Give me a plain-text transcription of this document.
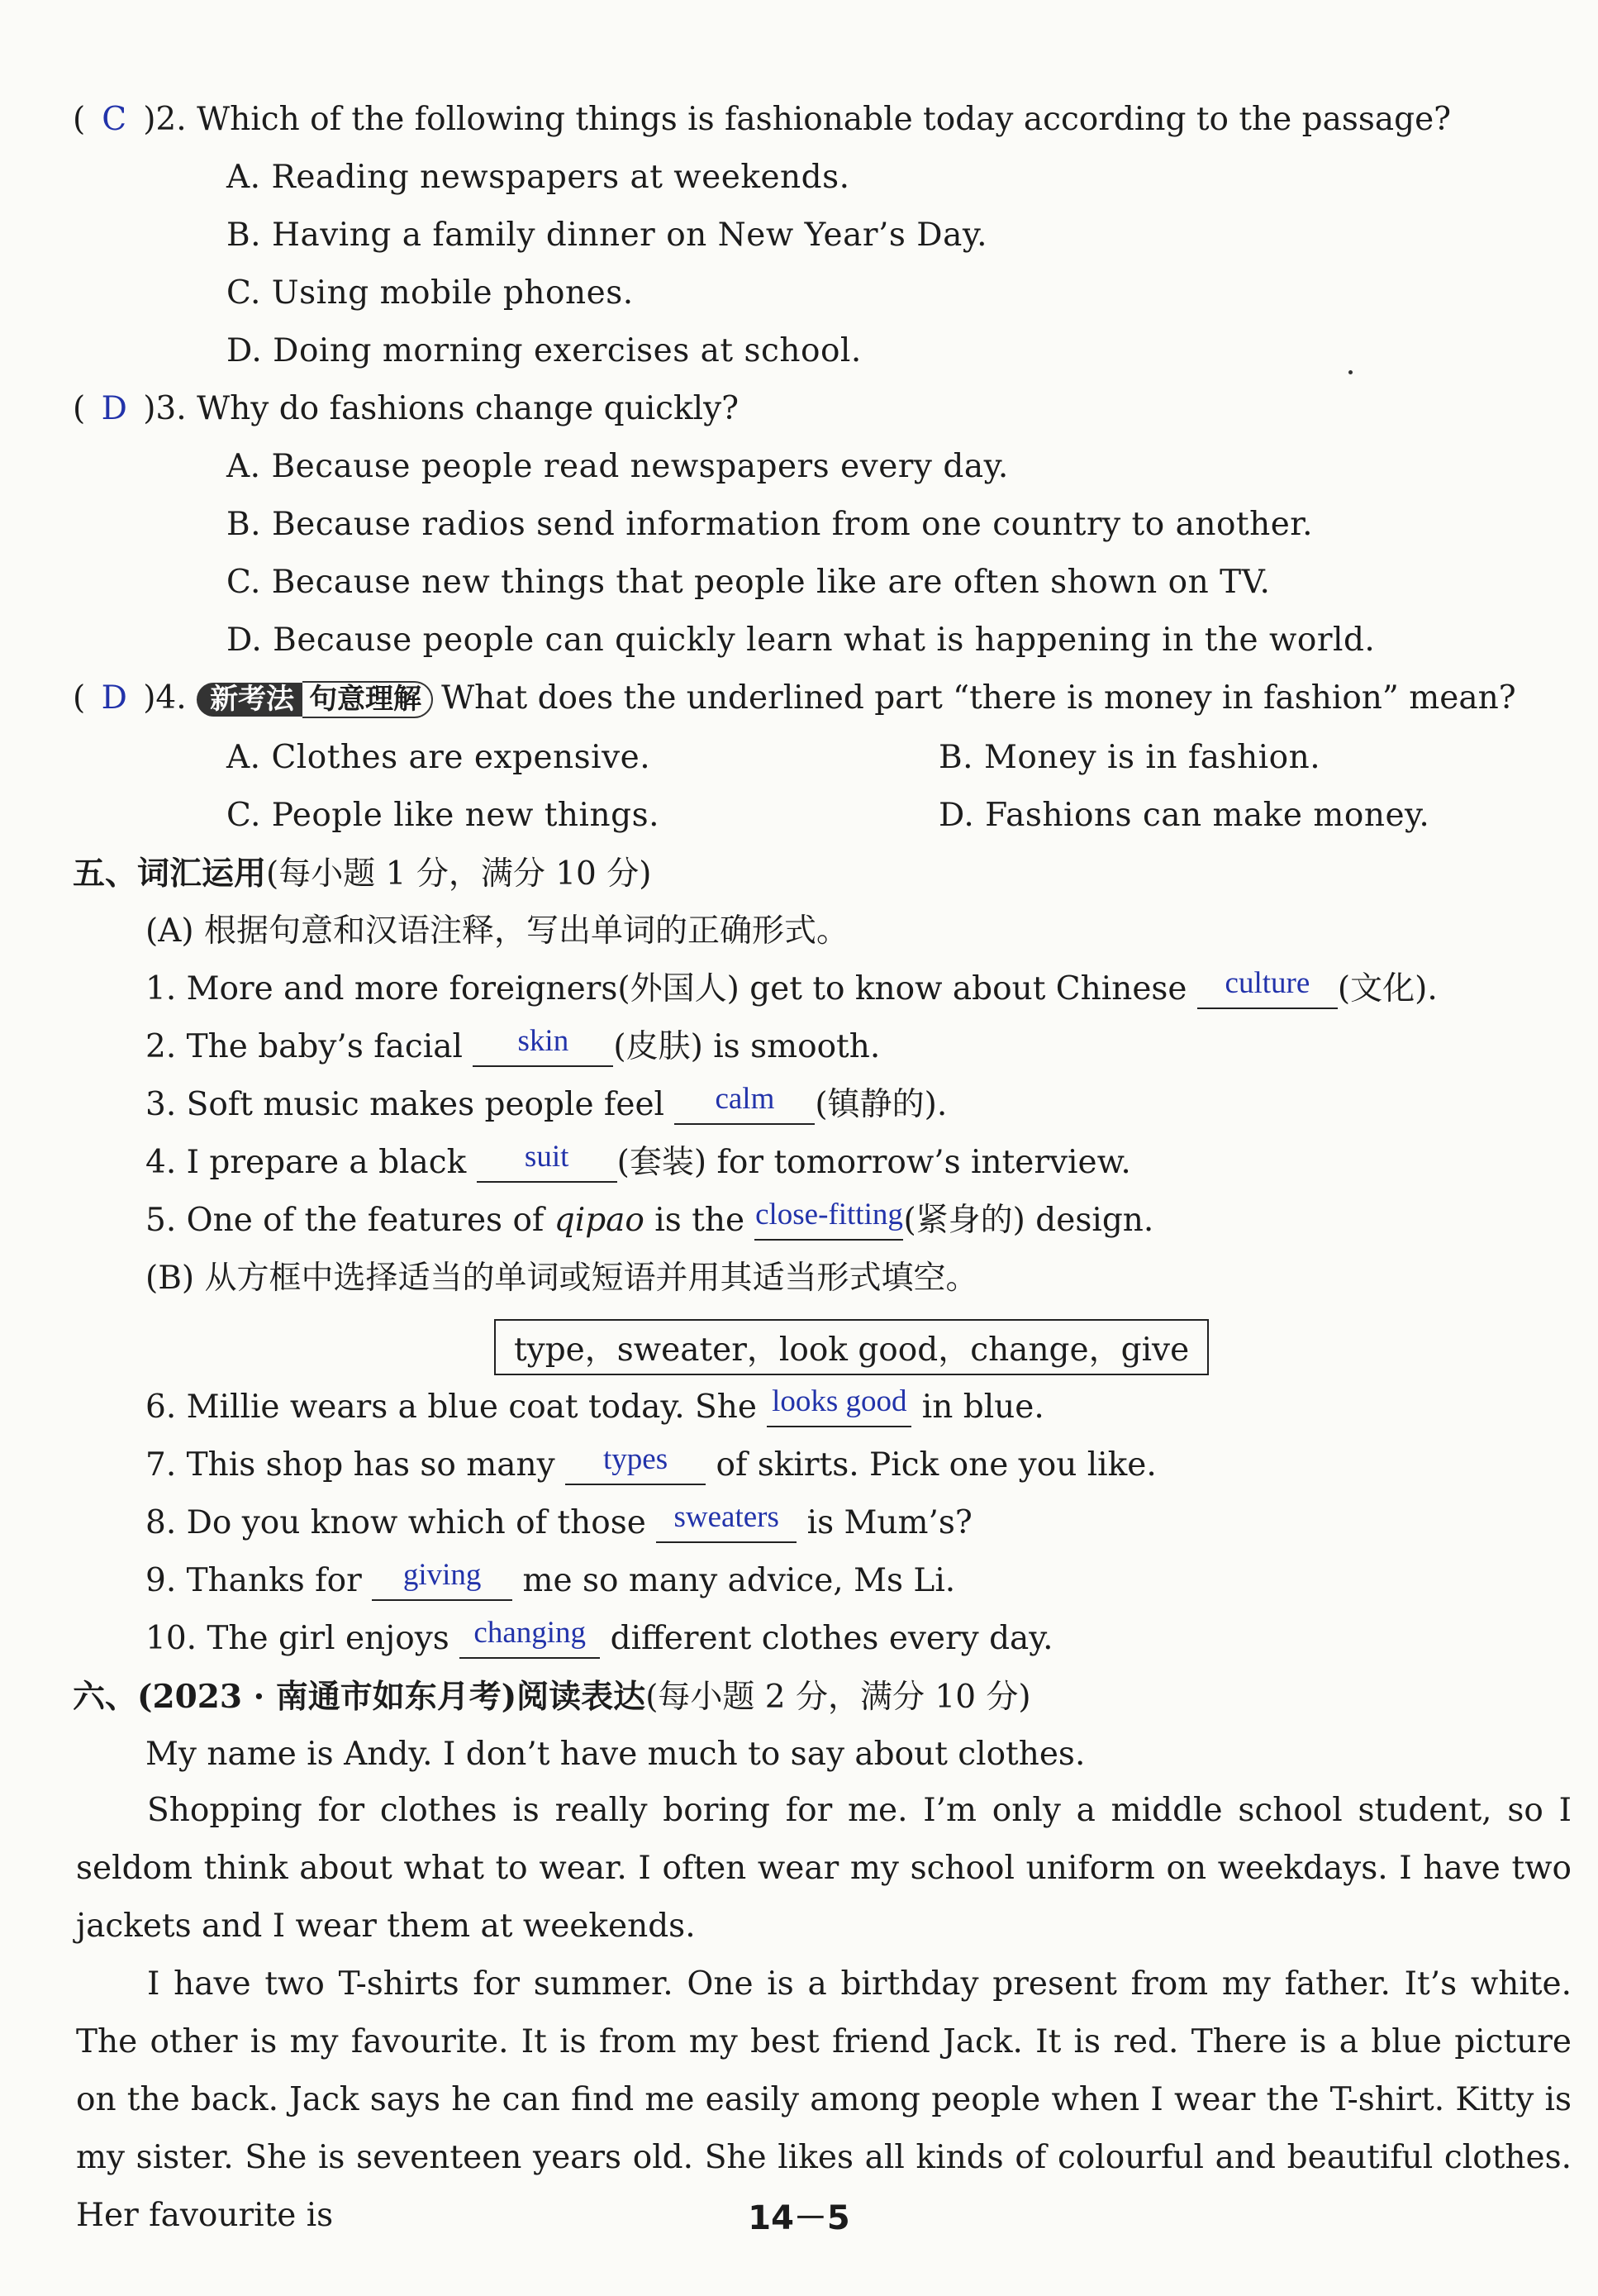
( C )2. Which of the following things is fashionable today according to the passage?
A. Reading newspapers at weekends.
B. Having a family dinner on New Year’s Day.
C. Using mobile phones.
D. Doing morning exercises at school.
( D )3. Why do fashions change quickly?
A. Because people read newspapers every day.
B. Because radios send information from one country to another.
C. Because new things that people like are often shown on TV.
D. Because people can quickly learn what is happening in the world.
( D )4. 新考法 句意理解 What does the underlined part “there is money in fashion” mean?
A. Clothes are expensive.	B. Money is in fashion.
C. People like new things.	D. Fashions can make money.
五、词汇运用(每小题 1 分，满分 10 分)
(A) 根据句意和汉语注释，写出单词的正确形式。
1. More and more foreigners(外国人) get to know about Chinese culture (文化).
2. The baby’s facial skin (皮肤) is smooth.
3. Soft music makes people feel calm (镇静的).
4. I prepare a black suit (套装) for tomorrow’s interview.
5. One of the features of qipao is the close-fitting(紧身的) design.
(B) 从方框中选择适当的单词或短语并用其适当形式填空。
type，sweater，look good，change，give
6. Millie wears a blue coat today. She looks good in blue.
7. This shop has so many types of skirts. Pick one you like.
8. Do you know which of those sweaters is Mum’s?
9. Thanks for giving me so many advice, Ms Li.
10. The girl enjoys changing different clothes every day.
六、(2023 · 南通市如东月考)阅读表达(每小题 2 分，满分 10 分)
My name is Andy. I don’t have much to say about clothes.
Shopping for clothes is really boring for me. I’m only a middle school student, so I seldom think about what to wear. I often wear my school uniform on weekdays. I have two jackets and I wear them at weekends.
I have two T-shirts for summer. One is a birthday present from my father. It’s white. The other is my favourite. It is from my best friend Jack. It is red. There is a blue picture on the back. Jack says he can find me easily among people when I wear the T-shirt. Kitty is my sister. She is seventeen years old. She likes all kinds of colourful and beautiful clothes. Her favourite is	14－5
